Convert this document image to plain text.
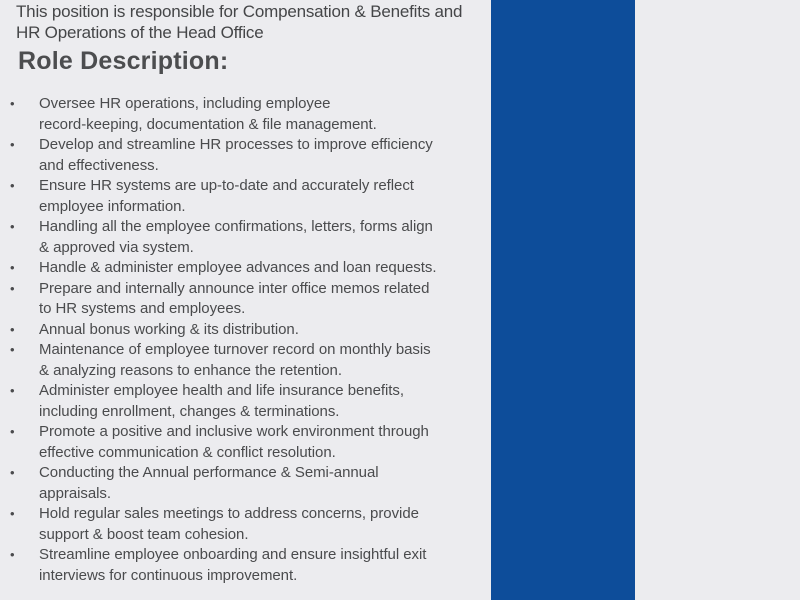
This position is responsible for Compensation & Benefits and
HR Operations of the Head Office

Role Description:
•	Oversee HR operations, including employee
record-keeping, documentation & file management.
•	Develop and streamline HR processes to improve efficiency
and effectiveness.
•	Ensure HR systems are up-to-date and accurately reflect
employee information.
•	Handling all the employee confirmations, letters, forms align
& approved via system.
•	Handle & administer employee advances and loan requests.
•	Prepare and internally announce inter office memos related
to HR systems and employees.
•	Annual bonus working & its distribution.
•	Maintenance of employee turnover record on monthly basis
& analyzing reasons to enhance the retention.
•	Administer employee health and life insurance benefits,
including enrollment, changes & terminations.
•	Promote a positive and inclusive work environment through
effective communication & conflict resolution.
•	Conducting the Annual performance & Semi-annual
appraisals.
•	Hold regular sales meetings to address concerns, provide
support & boost team cohesion.
•	Streamline employee onboarding and ensure insightful exit
interviews for continuous improvement.
